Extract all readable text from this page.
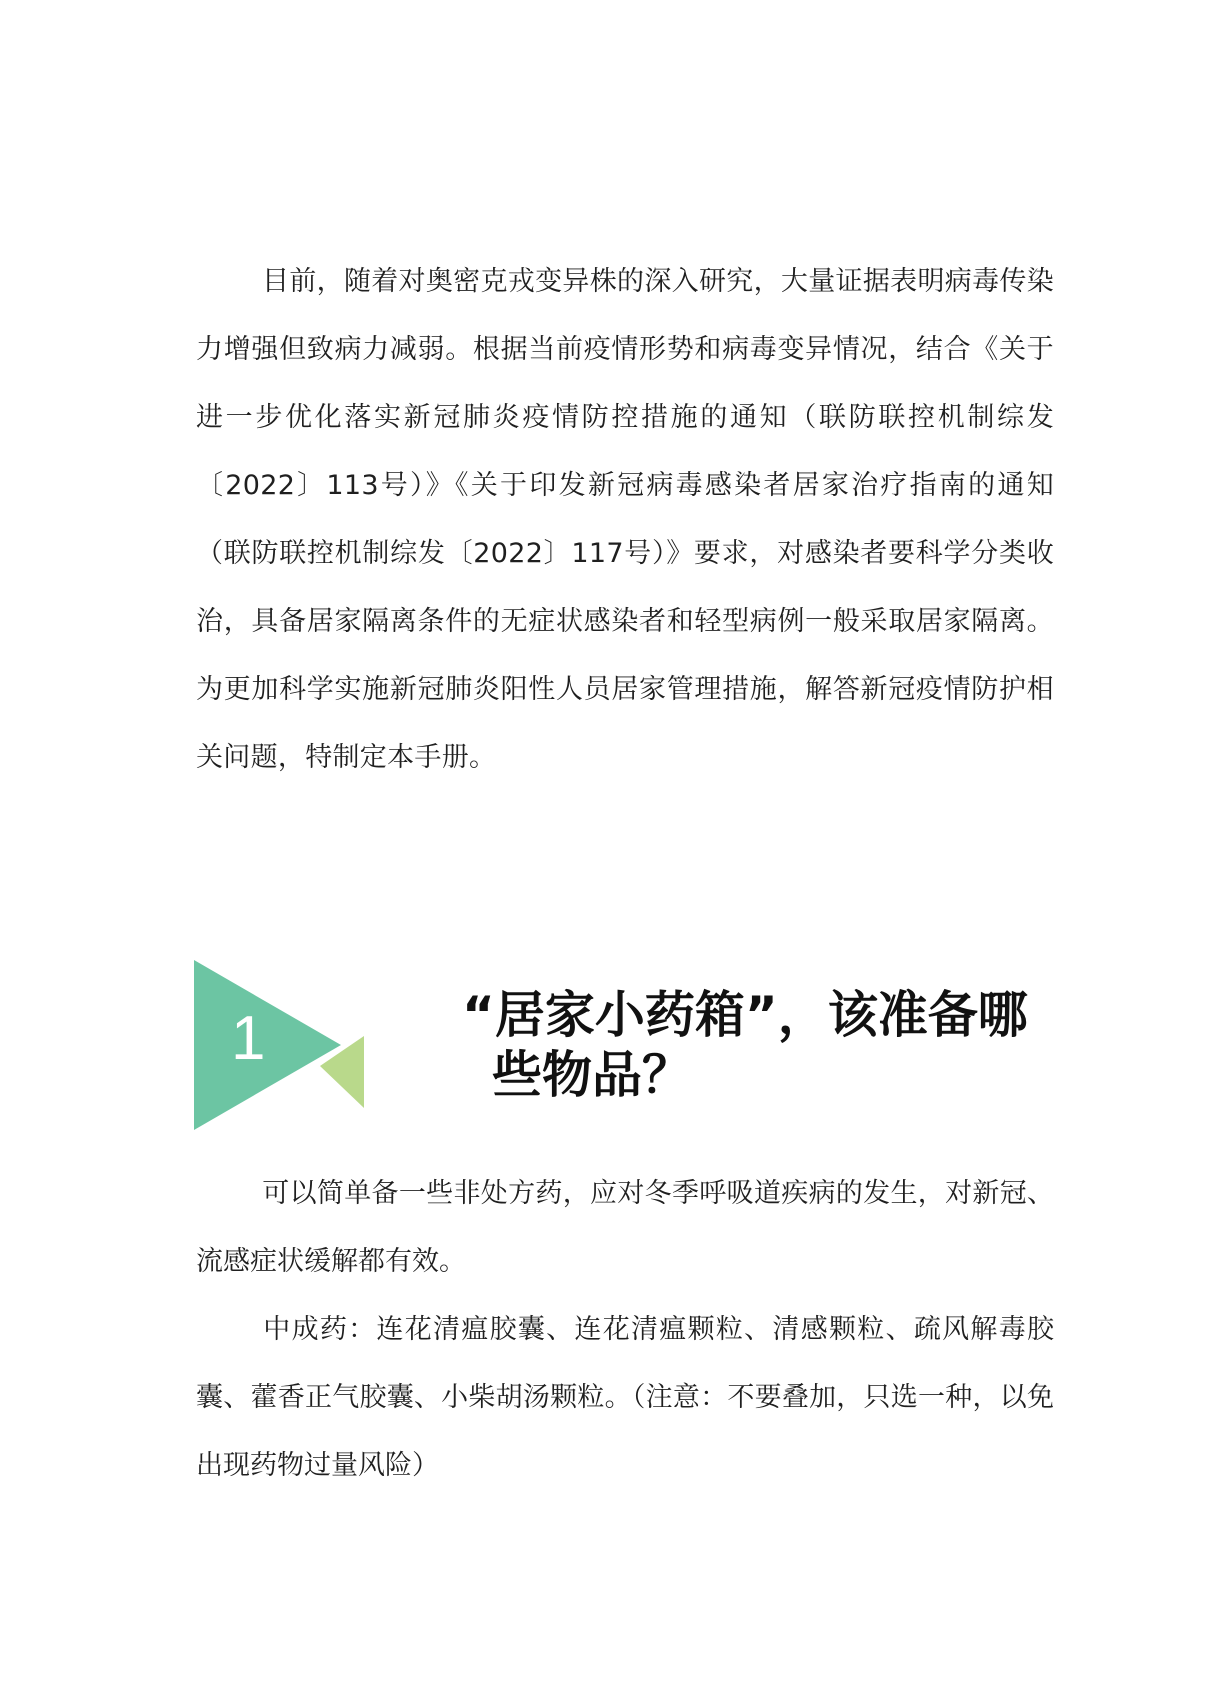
目前，随着对奥密克戎变异株的深入研究，大量证据表明病毒传染力增强但致病力减弱。根据当前疫情形势和病毒变异情况，结合《关于进一步优化落实新冠肺炎疫情防控措施的通知（联防联控机制综发〔2022〕113号）》《关于印发新冠病毒感染者居家治疗指南的通知（联防联控机制综发〔2022〕117号）》要求，对感染者要科学分类收治，具备居家隔离条件的无症状感染者和轻型病例一般采取居家隔离。为更加科学实施新冠肺炎阳性人员居家管理措施，解答新冠疫情防护相关问题，特制定本手册。

1	“居家小药箱”，该准备哪
些物品？

可以简单备一些非处方药，应对冬季呼吸道疾病的发生，对新冠、流感症状缓解都有效。

中成药：连花清瘟胶囊、连花清瘟颗粒、清感颗粒、疏风解毒胶囊、藿香正气胶囊、小柴胡汤颗粒。（注意：不要叠加，只选一种，以免出现药物过量风险）
